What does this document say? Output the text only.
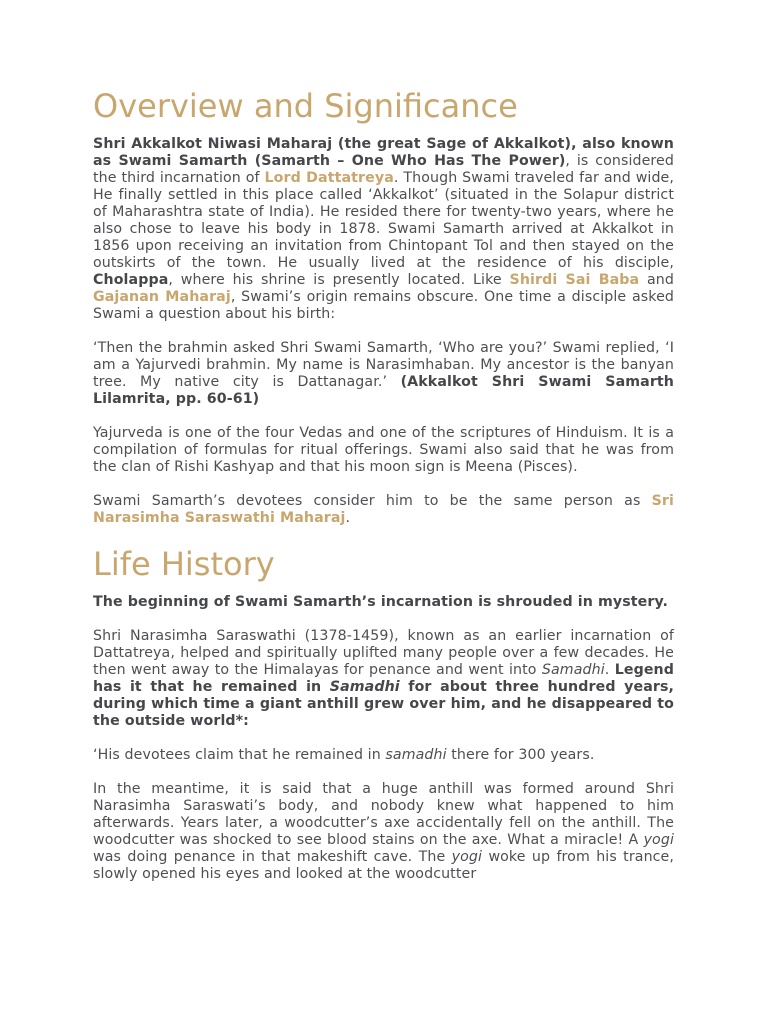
Overview and Significance

Shri Akkalkot Niwasi Maharaj (the great Sage of Akkalkot), also known as Swami Samarth (Samarth – One Who Has The Power), is considered the third incarnation of Lord Dattatreya. Though Swami traveled far and wide, He finally settled in this place called ‘Akkalkot’ (situated in the Solapur district of Maharashtra state of India). He resided there for twenty-two years, where he also chose to leave his body in 1878. Swami Samarth arrived at Akkalkot in 1856 upon receiving an invitation from Chintopant Tol and then stayed on the outskirts of the town. He usually lived at the residence of his disciple, Cholappa, where his shrine is presently located. Like Shirdi Sai Baba and Gajanan Maharaj, Swami’s origin remains obscure. One time a disciple asked Swami a question about his birth:

‘Then the brahmin asked Shri Swami Samarth, ‘Who are you?’ Swami replied, ‘I am a Yajurvedi brahmin. My name is Narasimhaban. My ancestor is the banyan tree. My native city is Dattanagar.’ (Akkalkot Shri Swami Samarth Lilamrita, pp. 60-61)

Yajurveda is one of the four Vedas and one of the scriptures of Hinduism. It is a compilation of formulas for ritual offerings. Swami also said that he was from the clan of Rishi Kashyap and that his moon sign is Meena (Pisces).

Swami Samarth’s devotees consider him to be the same person as Sri Narasimha Saraswathi Maharaj.

Life History

The beginning of Swami Samarth’s incarnation is shrouded in mystery.

Shri Narasimha Saraswathi (1378-1459), known as an earlier incarnation of Dattatreya, helped and spiritually uplifted many people over a few decades. He then went away to the Himalayas for penance and went into Samadhi. Legend has it that he remained in Samadhi for about three hundred years, during which time a giant anthill grew over him, and he disappeared to the outside world*:

‘His devotees claim that he remained in samadhi there for 300 years.

In the meantime, it is said that a huge anthill was formed around Shri Narasimha Saraswati’s body, and nobody knew what happened to him afterwards. Years later, a woodcutter’s axe accidentally fell on the anthill. The woodcutter was shocked to see blood stains on the axe. What a miracle! A yogi was doing penance in that makeshift cave. The yogi woke up from his trance, slowly opened his eyes and looked at the woodcutter
